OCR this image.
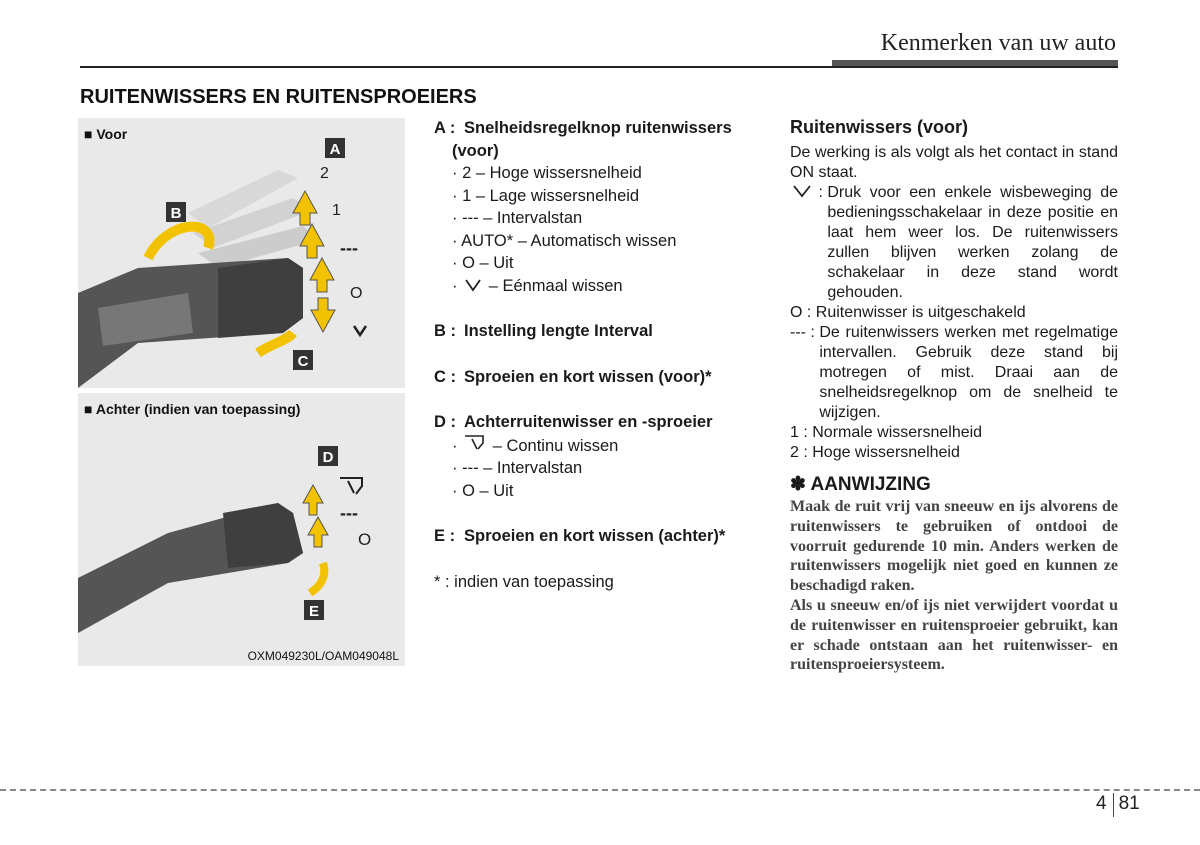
Kenmerken van uw auto
RUITENWISSERS EN RUITENSPROEIERS
A
B
C
2
1
---
O
■ Voor
D
E
---
O
■ Achter (indien van toepassing)
OXM049230L/OAM049048L
A : Snelheidsregelknop ruitenwissers
(voor)
· 2 – Hoge wissersnelheid
· 1 – Lage wissersnelheid
· --- – Intervalstan
· AUTO* – Automatisch wissen
· O – Uit
·  – Eénmaal wissen
B : Instelling lengte Interval
C : Sproeien en kort wissen (voor)*
D : Achterruitenwisser en -sproeier
·  – Continu wissen
· --- – Intervalstan
· O – Uit
E : Sproeien en kort wissen (achter)*
* : indien van toepassing
Ruitenwissers (voor)
De werking is als volgt als het contact in stand ON staat.
: Druk voor een enkele wisbeweging de bedieningsschakelaar in deze positie en laat hem weer los. De ruitenwissers zullen blijven werken zolang de schakelaar in deze stand wordt gehouden.
O : Ruitenwisser is uitgeschakeld
--- : De ruitenwissers werken met regelmatige intervallen. Gebruik deze stand bij motregen of mist. Draai aan de snelheidsregelknop om de snelheid te wijzigen.
1 : Normale wissersnelheid
2 : Hoge wissersnelheid
✽ AANWIJZING
Maak de ruit vrij van sneeuw en ijs alvorens de ruitenwissers te gebruiken of ontdooi de voorruit gedurende 10 min. Anders werken de ruitenwissers mogelijk niet goed en kunnen ze beschadigd raken.
Als u sneeuw en/of ijs niet verwijdert voordat u de ruitenwisser en ruitensproeier gebruikt, kan er schade ontstaan aan het ruitenwisser- en ruitensproeiersysteem.
4 81
